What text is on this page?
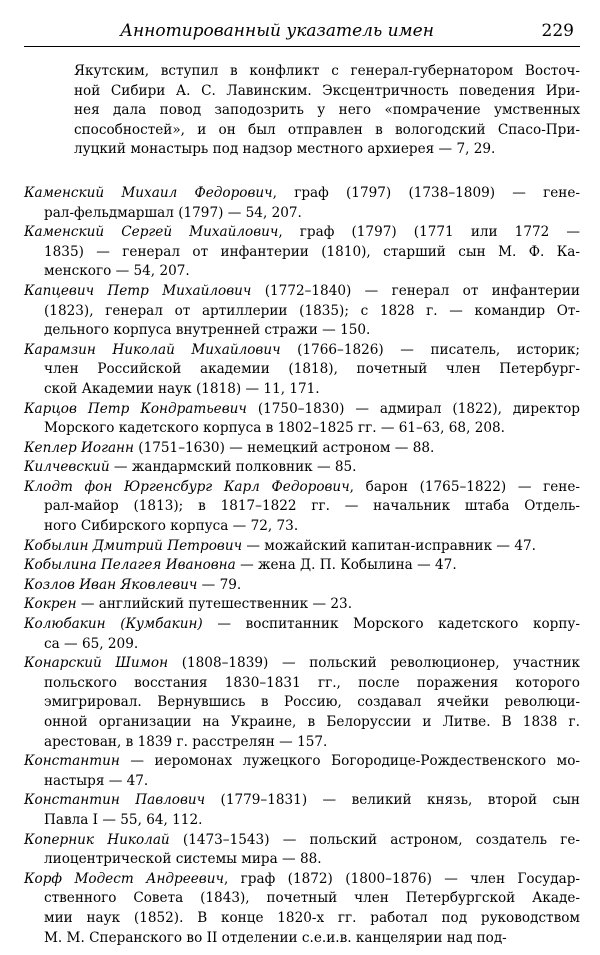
Аннотированный указатель имен	229

Якутским, вступил в конфликт с генерал-губернатором Восточ-
ной Сибири А. С. Лавинским. Эксцентричность поведения Ири-
нея дала повод заподозрить у него «помрачение умственных
способностей», и он был отправлен в вологодский Спасо-При-
луцкий монастырь под надзор местного архиерея — 7, 29.

Каменский Михаил Федорович, граф (1797) (1738–1809) — гене-
рал-фельдмаршал (1797) — 54, 207.

Каменский Сергей Михайлович, граф (1797) (1771 или 1772 —
1835) — генерал от инфантерии (1810), старший сын М. Ф. Ка-
менского — 54, 207.

Капцевич Петр Михайлович (1772–1840) — генерал от инфантерии
(1823), генерал от артиллерии (1835); с 1828 г. — командир От-
дельного корпуса внутренней стражи — 150.

Карамзин Николай Михайлович (1766–1826) — писатель, историк;
член Российской академии (1818), почетный член Петербург-
ской Академии наук (1818) — 11, 171.

Карцов Петр Кондратьевич (1750–1830) — адмирал (1822), директор
Морского кадетского корпуса в 1802–1825 гг. — 61–63, 68, 208.

Кеплер Иоганн (1751–1630) — немецкий астроном — 88.

Килчевский — жандармский полковник — 85.

Клодт фон Юргенсбург Карл Федорович, барон (1765–1822) — генe-
рал-майор (1813); в 1817–1822 гг. — начальник штаба Отдель-
ного Сибирского корпуса — 72, 73.

Кобылин Дмитрий Петрович — можайский капитан-исправник — 47.

Кобылина Пелагея Ивановна — жена Д. П. Кобылина — 47.

Козлов Иван Яковлевич — 79.

Кокрен — английский путешественник — 23.

Колюбакин (Кумбакин) — воспитанник Морского кадетского корпу-
са — 65, 209.

Конарский Шимон (1808–1839) — польский революционер, участник
польского восстания 1830–1831 гг., после поражения которого
эмигрировал. Вернувшись в Россию, создавал ячейки революци-
онной организации на Украине, в Белоруссии и Литве. В 1838 г.
арестован, в 1839 г. расстрелян — 157.

Константин — иеромонах лужецкого Богородице-Рождественского мо-
настыря — 47.

Константин Павлович (1779–1831) — великий князь, второй сын
Павла I — 55, 64, 112.

Коперник Николай (1473–1543) — польский астроном, создатель ге-
лиоцентрической системы мира — 88.

Корф Модест Андреевич, граф (1872) (1800–1876) — член Государ-
ственного Совета (1843), почетный член Петербургской Акаде-
мии наук (1852). В конце 1820-х гг. работал под руководством
М. М. Сперанского во II отделении с.е.и.в. канцелярии над под-
